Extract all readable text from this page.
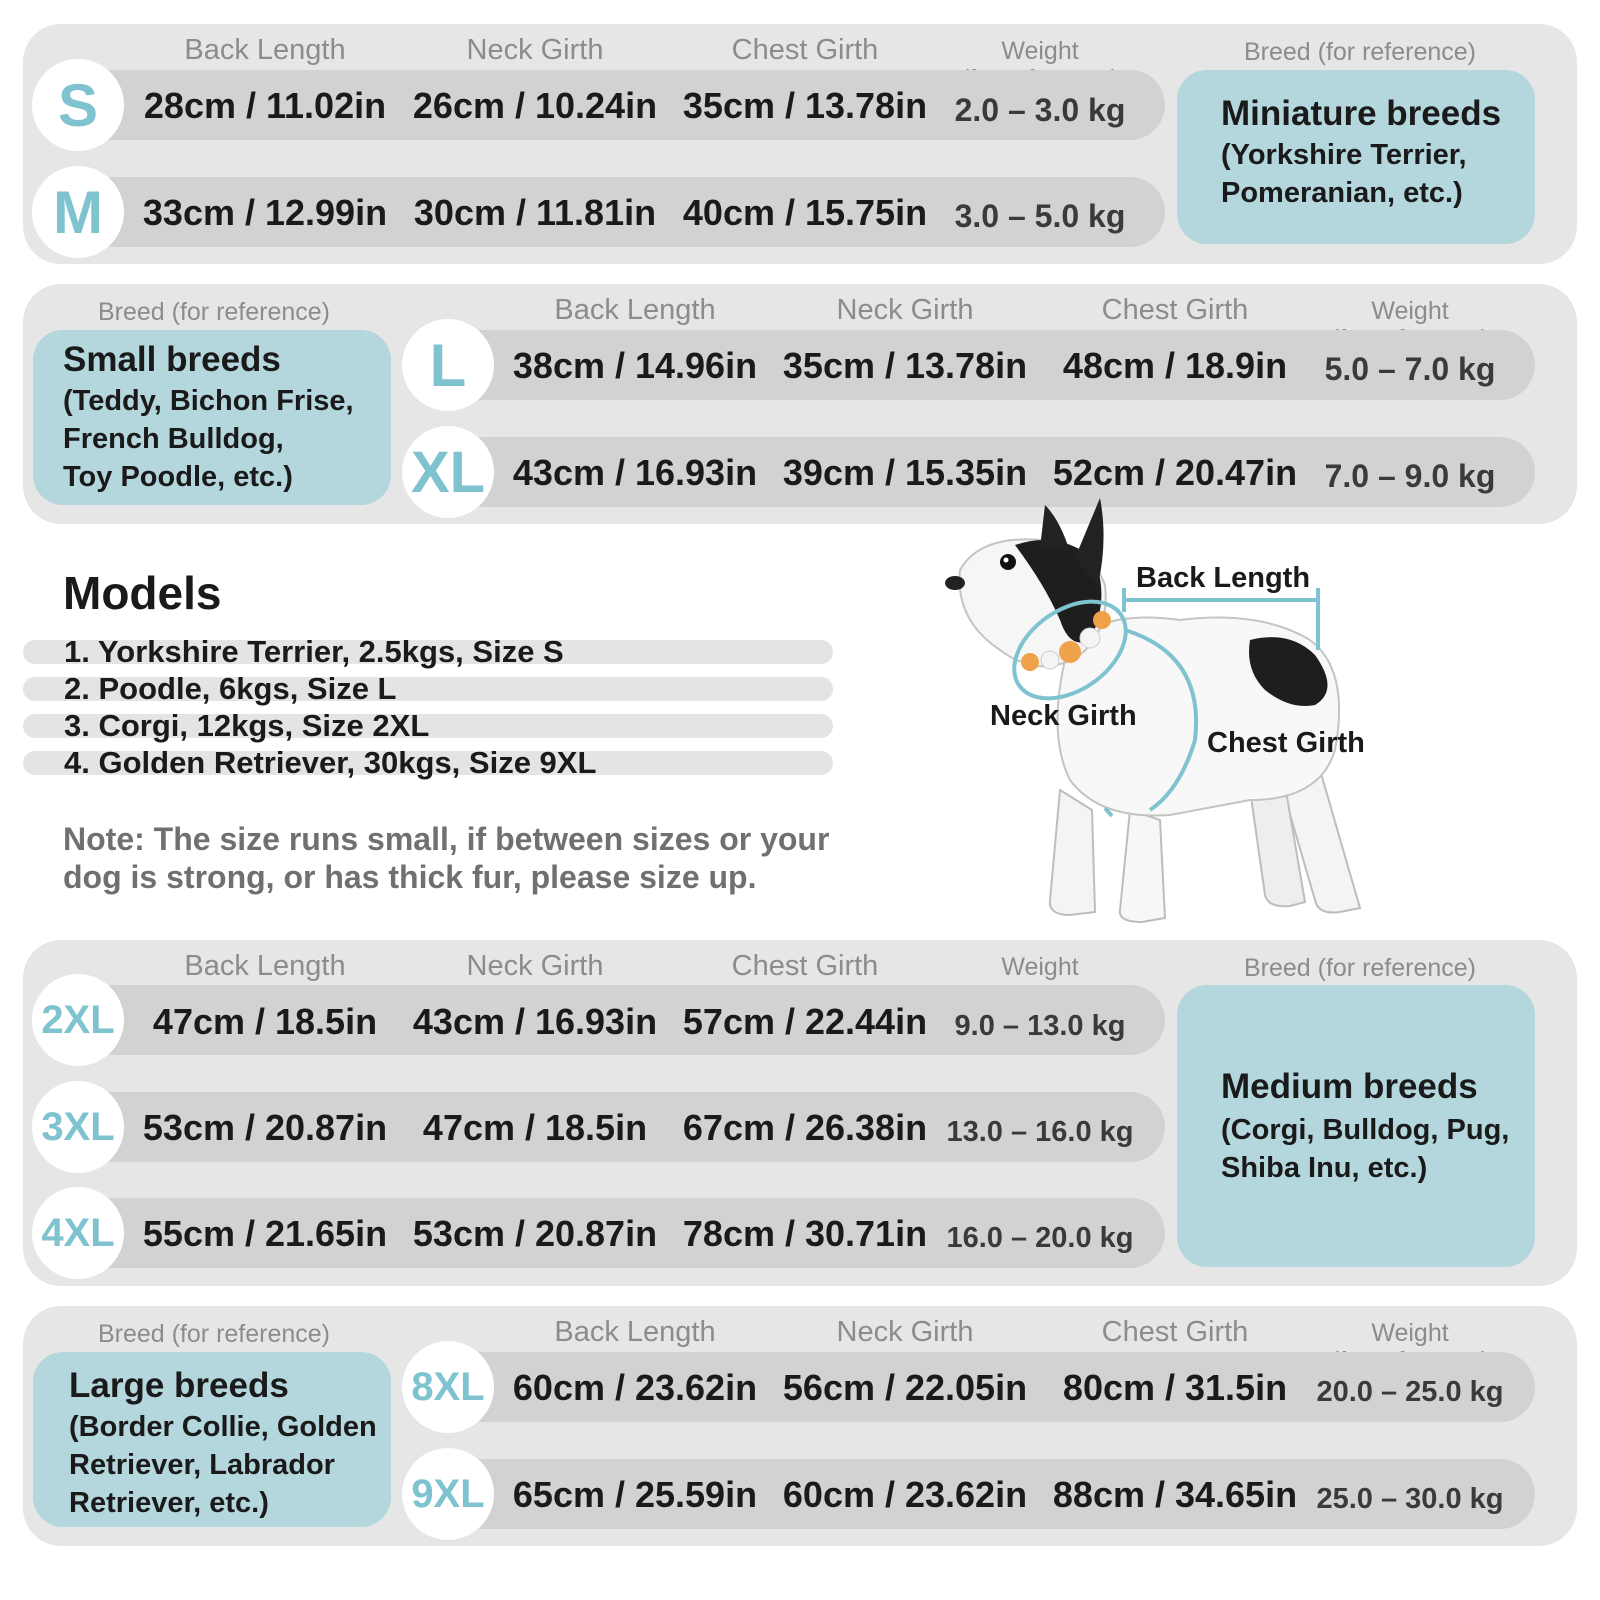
Back Length	Neck Girth	Chest Girth	Weight	Breed (for reference)
S	28cm / 11.02in 26cm / 10.24in 35cm / 13.78in 2.0 – 3.0 kg
M	33cm / 12.99in 30cm / 11.81in 40cm / 15.75in 3.0 – 5.0 kg
Miniature breeds
(Yorkshire Terrier,
Pomeranian, etc.)
Breed (for reference)	Back Length	Neck Girth	Chest Girth	Weight
Small breeds
(Teddy, Bichon Frise,
French Bulldog,
Toy Poodle, etc.)
L	38cm / 14.96in 35cm / 13.78in 48cm / 18.9in	5.0 – 7.0 kg
XL 43cm / 16.93in 39cm / 15.35in 52cm / 20.47in 7.0 – 9.0 kg
Models
1. Yorkshire Terrier, 2.5kgs, Size S
2. Poodle, 6kgs, Size L
3. Corgi, 12kgs, Size 2XL
4. Golden Retriever, 30kgs, Size 9XL
Note: The size runs small, if between sizes or your
dog is strong, or has thick fur, please size up.
Back Length
Neck Girth
Chest Girth
Back Length	Neck Girth	Chest Girth	Weight	Breed (for reference)
2XL	47cm / 18.5in 43cm / 16.93in 57cm / 22.44in 9.0 – 13.0 kg
3XL 53cm / 20.87in 47cm / 18.5in 67cm / 26.38in 13.0 – 16.0 kg
4XL 55cm / 21.65in 53cm / 20.87in 78cm / 30.71in 16.0 – 20.0 kg
Medium breeds
(Corgi, Bulldog, Pug,
Shiba Inu, etc.)
Breed (for reference)	Back Length	Neck Girth	Chest Girth	Weight
Large breeds
(Border Collie, Golden
Retriever, Labrador
Retriever, etc.)
8XL 60cm / 23.62in 56cm / 22.05in 80cm / 31.5in	20.0 – 25.0 kg
9XL 65cm / 25.59in 60cm / 23.62in 88cm / 34.65in 25.0 – 30.0 kg
